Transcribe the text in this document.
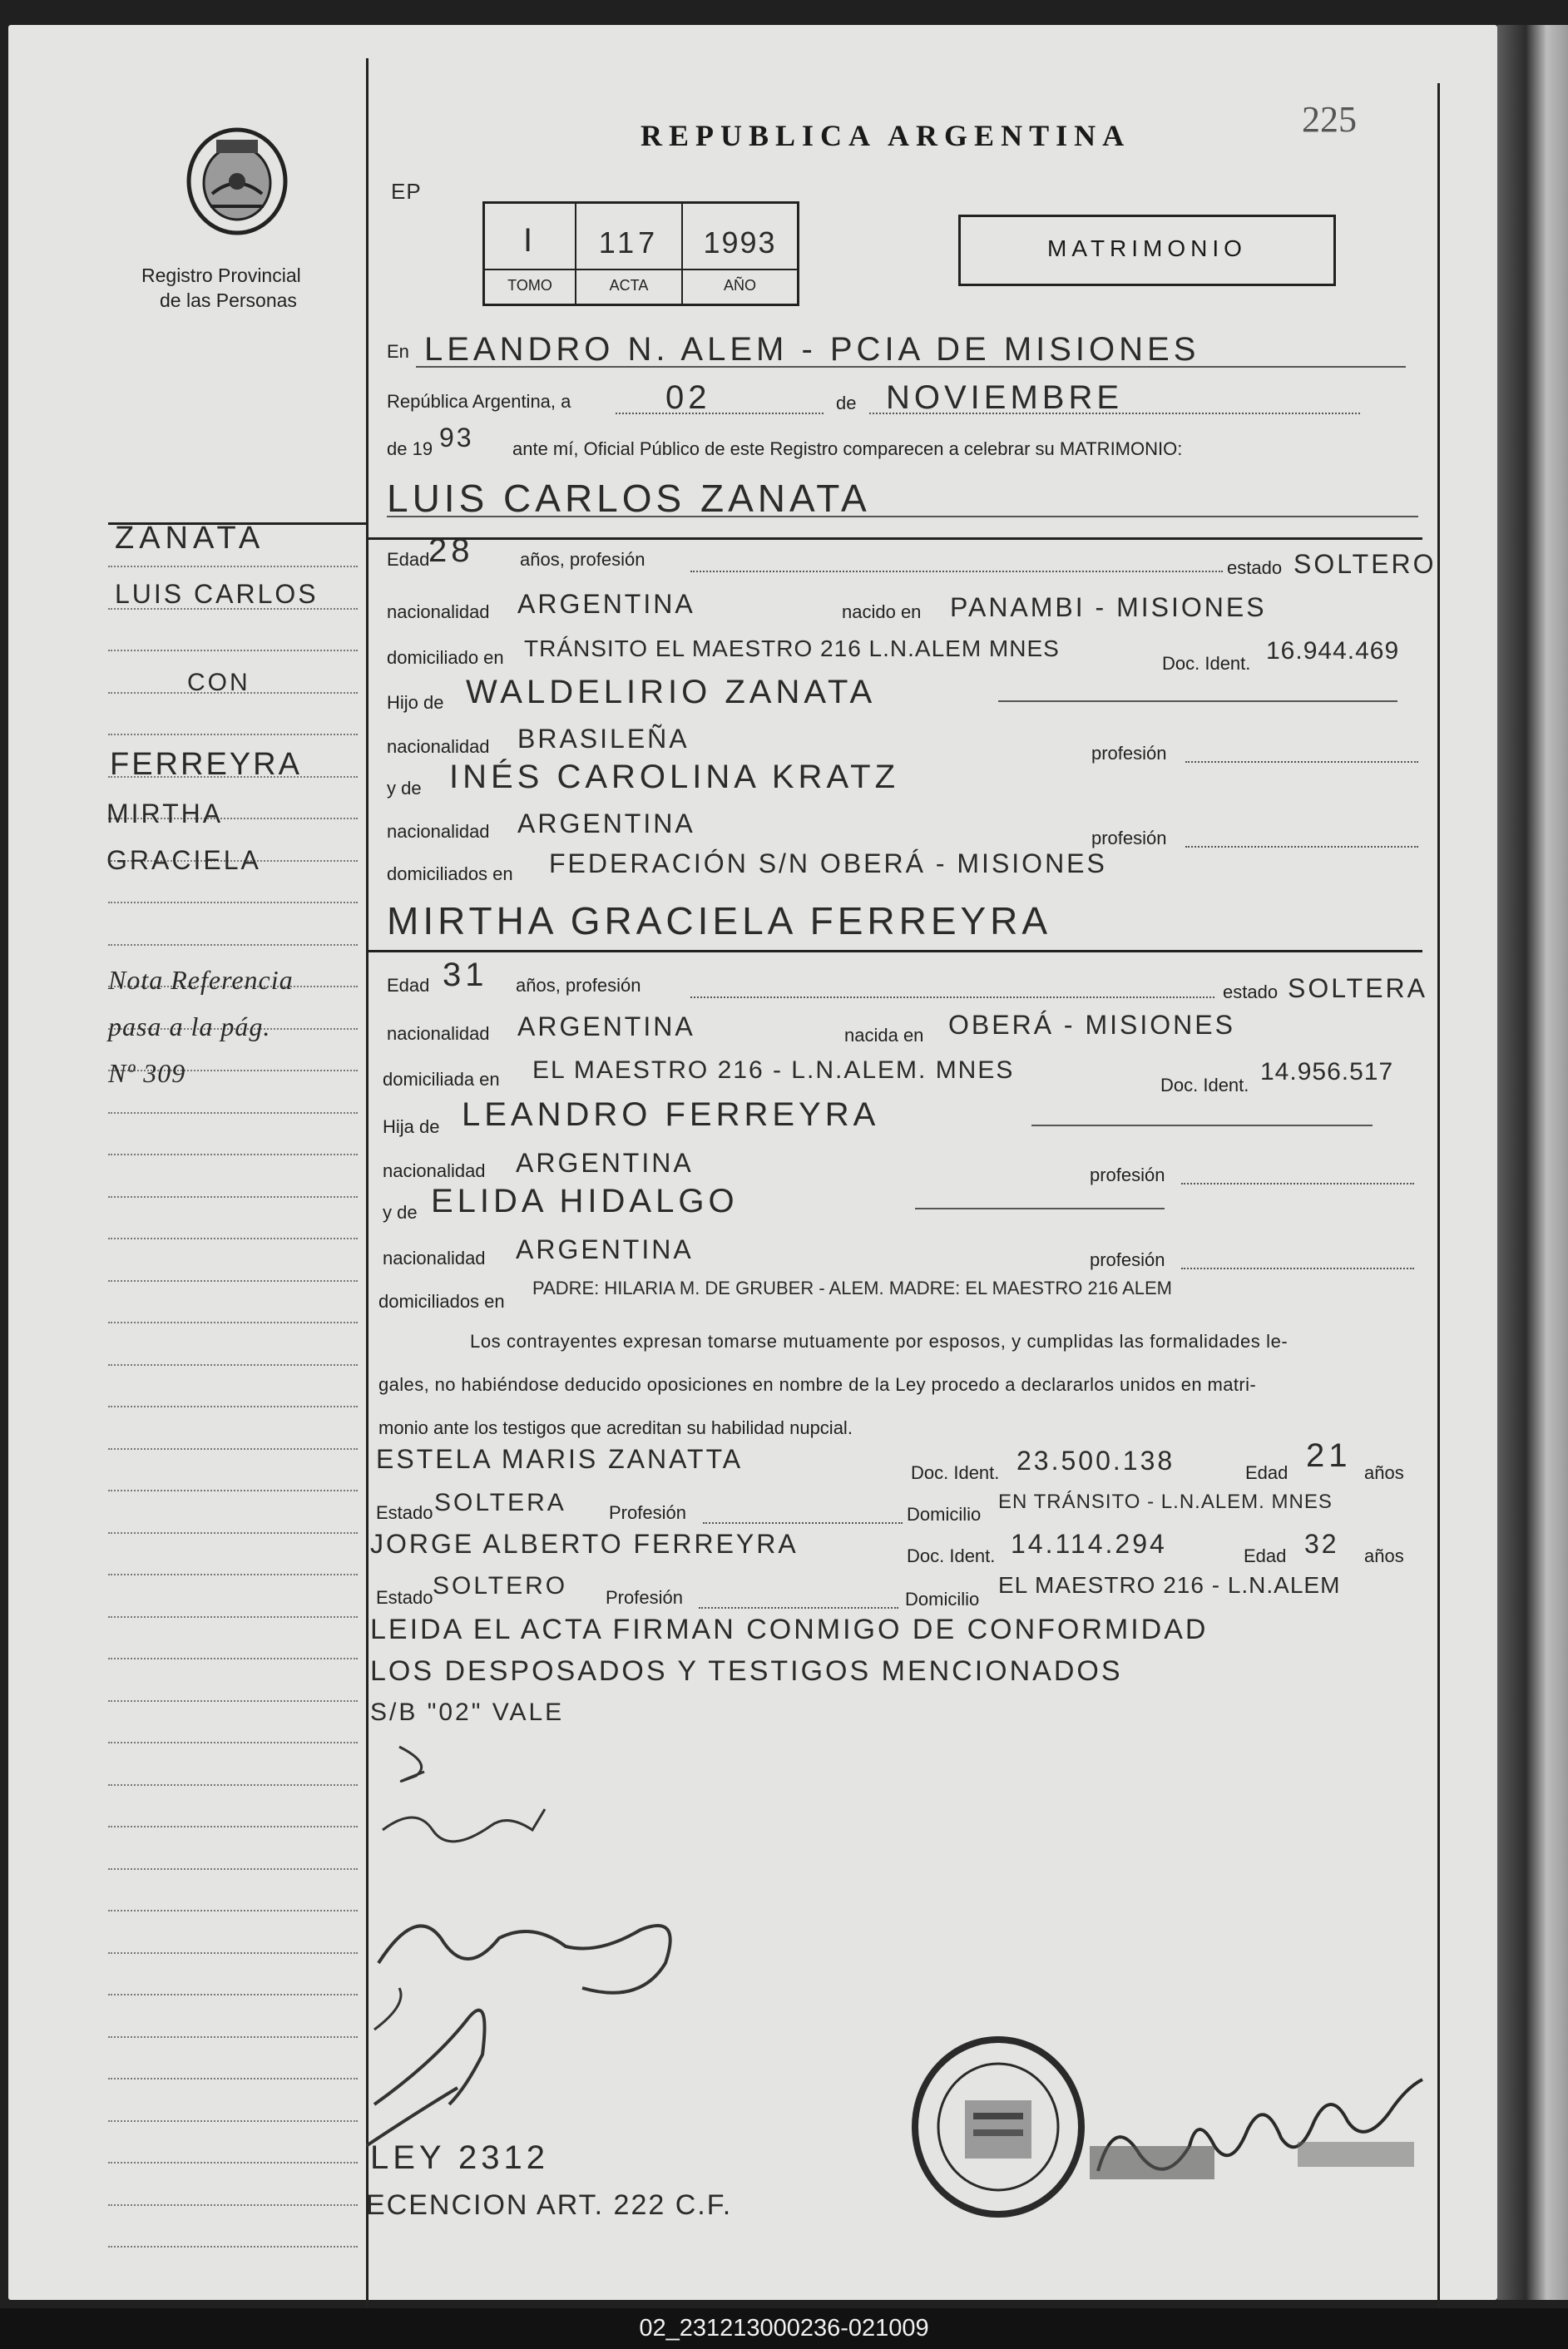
REPUBLICA ARGENTINA	225
Registro Provincial
de las Personas
EP
I	117	1993
TOMO	ACTA	AÑO
MATRIMONIO
En LEANDRO N. ALEM - PCIA DE MISIONES
República Argentina, a	02	de NOVIEMBRE
de 19 93 ante mí, Oficial Público de este Registro comparecen a celebrar su MATRIMONIO:
LUIS CARLOS ZANATA
Edad
28	años, profesión	estado SOLTERO
nacionalidad ARGENTINA	nacido en PANAMBI - MISIONES
domiciliado en TRÁNSITO EL MAESTRO 216 L.N.ALEM MNES
Doc. Ident. 16.944.469
Hijo de WALDELIRIO ZANATA
nacionalidad BRASILEÑA	profesión
y de INÉS CAROLINA KRATZ
nacionalidad ARGENTINA	profesión
domiciliados en FEDERACIÓN S/N OBERÁ - MISIONES
MIRTHA GRACIELA FERREYRA
Edad 31 años, profesión	estado SOLTERA
nacionalidad ARGENTINA	nacida en OBERÁ - MISIONES
domiciliada en EL MAESTRO 216 - L.N.ALEM. MNES
Doc. Ident. 14.956.517
Hija de LEANDRO FERREYRA
nacionalidad ARGENTINA	profesión
y de ELIDA HIDALGO
nacionalidad ARGENTINA	profesión
domiciliados en
PADRE: HILARIA M. DE GRUBER - ALEM. MADRE: EL MAESTRO 216 ALEM
Los contrayentes expresan tomarse mutuamente por esposos, y cumplidas las formalidades le-
gales, no habiéndose deducido oposiciones en nombre de la Ley procedo a declararlos unidos en matri-
monio ante los testigos que acreditan su habilidad nupcial.
ESTELA MARIS ZANATTA	Doc. Ident. 23.500.138	Edad 21 años
Estado SOLTERA Profesión	Domicilio
EN TRÁNSITO - L.N.ALEM. MNES
JORGE ALBERTO FERREYRA	Doc. Ident. 14.114.294	Edad 32 años
Estado SOLTERO Profesión	Domicilio
EL MAESTRO 216 - L.N.ALEM
LEIDA EL ACTA FIRMAN CONMIGO DE CONFORMIDAD
LOS DESPOSADOS Y TESTIGOS MENCIONADOS
S/B "02" VALE
LEY 2312
ECENCION ART. 222 C.F.
ZANATA
LUIS CARLOS
CON
FERREYRA
MIRTHA
GRACIELA
Nota Referencia
pasa a la pág.
Nº 309
02_231213000236-021009
